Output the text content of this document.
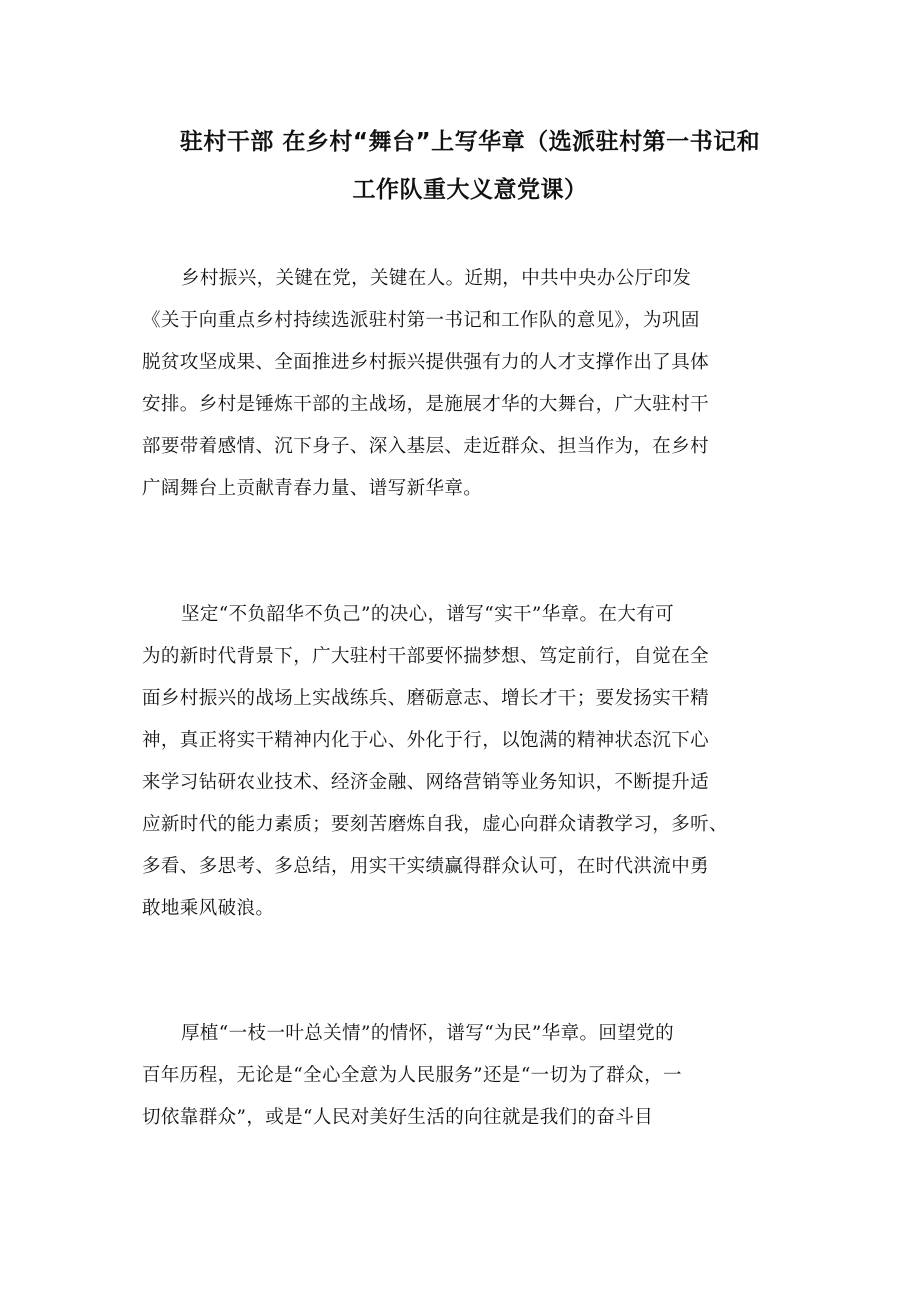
驻村干部 在乡村“舞台”上写华章（选派驻村第一书记和
工作队重大义意党课）

乡村振兴，关键在党，关键在人。近期，中共中央办公厅印发
《关于向重点乡村持续选派驻村第一书记和工作队的意见》，为巩固
脱贫攻坚成果、全面推进乡村振兴提供强有力的人才支撑作出了具体
安排。乡村是锤炼干部的主战场，是施展才华的大舞台，广大驻村干
部要带着感情、沉下身子、深入基层、走近群众、担当作为，在乡村
广阔舞台上贡献青春力量、谱写新华章。

坚定“不负韶华不负己”的决心，谱写“实干”华章。在大有可
为的新时代背景下，广大驻村干部要怀揣梦想、笃定前行，自觉在全
面乡村振兴的战场上实战练兵、磨砺意志、增长才干；要发扬实干精
神，真正将实干精神内化于心、外化于行，以饱满的精神状态沉下心
来学习钻研农业技术、经济金融、网络营销等业务知识，不断提升适
应新时代的能力素质；要刻苦磨炼自我，虚心向群众请教学习，多听、
多看、多思考、多总结，用实干实绩赢得群众认可，在时代洪流中勇
敢地乘风破浪。

厚植“一枝一叶总关情”的情怀，谱写“为民”华章。回望党的
百年历程，无论是“全心全意为人民服务”还是“一切为了群众，一
切依靠群众”，或是“人民对美好生活的向往就是我们的奋斗目
